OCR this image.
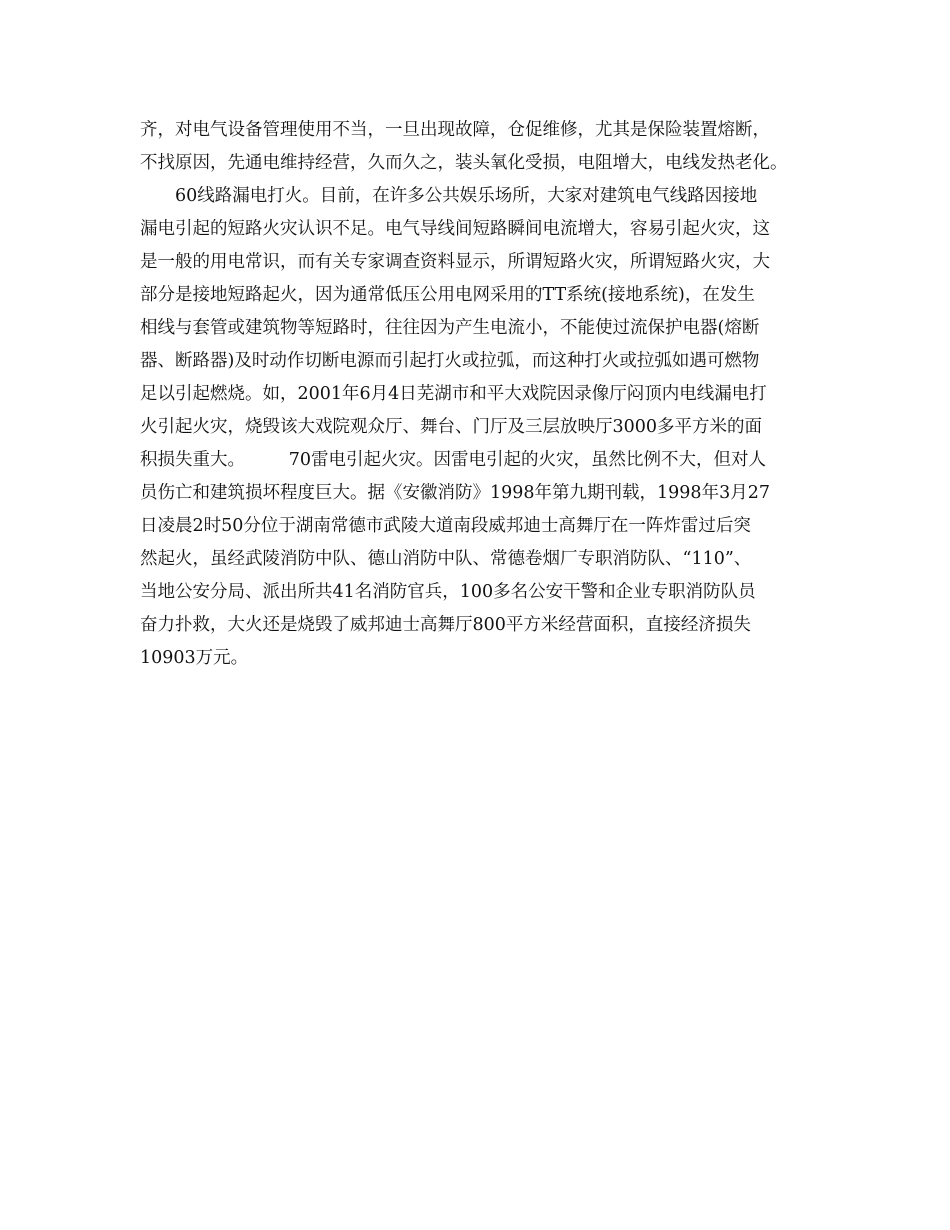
齐，对电气设备管理使用不当，一旦出现故障，仓促维修，尤其是保险装置熔断，
不找原因，先通电维持经营，久而久之，装头氧化受损，电阻增大，电线发热老化。
　　60线路漏电打火。目前，在许多公共娱乐场所，大家对建筑电气线路因接地
漏电引起的短路火灾认识不足。电气导线间短路瞬间电流增大，容易引起火灾，这
是一般的用电常识，而有关专家调查资料显示，所谓短路火灾，所谓短路火灾，大
部分是接地短路起火，因为通常低压公用电网采用的TT系统(接地系统)，在发生
相线与套管或建筑物等短路时，往往因为产生电流小，不能使过流保护电器(熔断
器、断路器)及时动作切断电源而引起打火或拉弧，而这种打火或拉弧如遇可燃物
足以引起燃烧。如，2001年6月4日芜湖市和平大戏院因录像厅闷顶内电线漏电打
火引起火灾，烧毁该大戏院观众厅、舞台、门厅及三层放映厅3000多平方米的面
积损失重大。　　　70雷电引起火灾。因雷电引起的火灾，虽然比例不大，但对人
员伤亡和建筑损坏程度巨大。据《安徽消防》1998年第九期刊载，1998年3月27
日凌晨2时50分位于湖南常德市武陵大道南段威邦迪士高舞厅在一阵炸雷过后突
然起火，虽经武陵消防中队、德山消防中队、常德卷烟厂专职消防队、“110”、
当地公安分局、派出所共41名消防官兵，100多名公安干警和企业专职消防队员
奋力扑救，大火还是烧毁了威邦迪士高舞厅800平方米经营面积，直接经济损失
10903万元。
